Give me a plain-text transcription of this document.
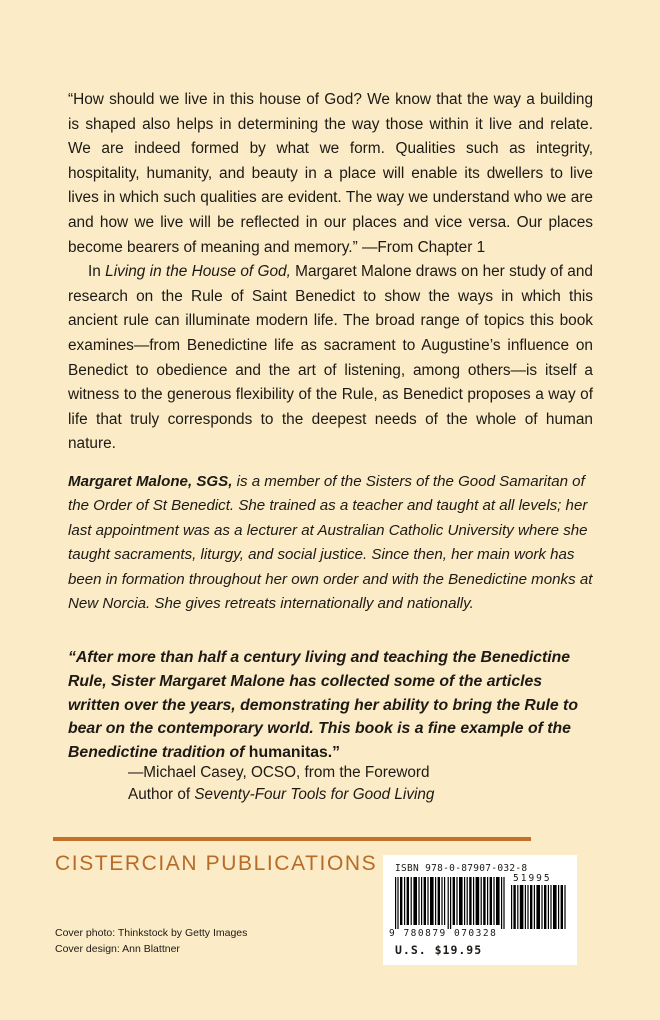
“How should we live in this house of God? We know that the way a building is shaped also helps in determining the way those within it live and relate. We are indeed formed by what we form. Qualities such as integrity, hospitality, humanity, and beauty in a place will enable its dwellers to live lives in which such qualities are evident. The way we understand who we are and how we live will be reflected in our places and vice versa. Our places become bearers of meaning and memory.” —From Chapter 1

In Living in the House of God, Margaret Malone draws on her study of and research on the Rule of Saint Benedict to show the ways in which this ancient rule can illuminate modern life. The broad range of topics this book examines—from Benedictine life as sacrament to Augustine’s influence on Benedict to obedience and the art of listening, among others—is itself a witness to the generous flexibility of the Rule, as Benedict proposes a way of life that truly corresponds to the deepest needs of the whole of human nature.

Margaret Malone, SGS, is a member of the Sisters of the Good Samaritan of the Order of St Benedict. She trained as a teacher and taught at all levels; her last appointment was as a lecturer at Australian Catholic University where she taught sacraments, liturgy, and social justice. Since then, her main work has been in formation throughout her own order and with the Benedictine monks at New Norcia. She gives retreats internationally and nationally.

“After more than half a century living and teaching the Benedictine Rule, Sister Margaret Malone has collected some of the articles written over the years, demonstrating her ability to bring the Rule to bear on the contemporary world. This book is a fine example of the Benedictine tradition of humanitas.”
—Michael Casey, OCSO, from the Foreword
Author of Seventy-Four Tools for Good Living
CISTERCIAN PUBLICATIONS
Cover photo: Thinkstock by Getty Images
Cover design: Ann Blattner
ISBN 978-0-87907-032-8
51995
9 780879 070328
U.S. $19.95
